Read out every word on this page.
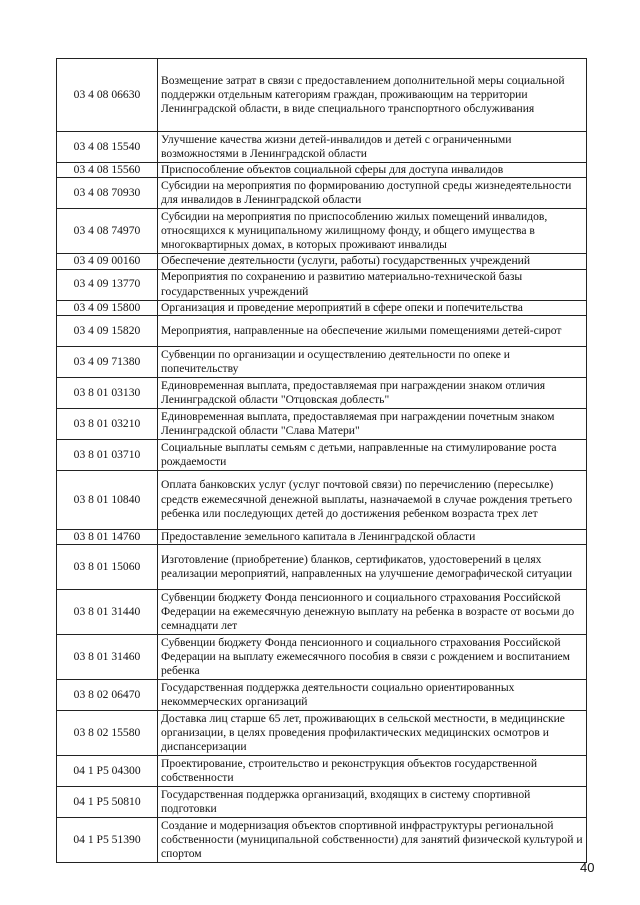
03 4 08 06630	Возмещение затрат в связи с предоставлением дополнительной меры социальной поддержки отдельным категориям граждан, проживающим на территории Ленинградской области, в виде специального транспортного обслуживания
03 4 08 15540	Улучшение качества жизни детей-инвалидов и детей с ограниченными возможностями в Ленинградской области
03 4 08 15560	Приспособление объектов социальной сферы для доступа инвалидов
03 4 08 70930	Субсидии на мероприятия по формированию доступной среды жизнедеятельности для инвалидов в Ленинградской области
03 4 08 74970	Субсидии на мероприятия по приспособлению жилых помещений инвалидов, относящихся к муниципальному жилищному фонду, и общего имущества в многоквартирных домах, в которых проживают инвалиды
03 4 09 00160	Обеспечение деятельности (услуги, работы) государственных учреждений
03 4 09 13770	Мероприятия по сохранению и развитию материально-технической базы государственных учреждений
03 4 09 15800	Организация и проведение мероприятий в сфере опеки и попечительства
03 4 09 15820	Мероприятия, направленные на обеспечение жилыми помещениями детей-сирот
03 4 09 71380	Субвенции по организации и осуществлению деятельности по опеке и попечительству
03 8 01 03130	Единовременная выплата, предоставляемая при награждении знаком отличия Ленинградской области "Отцовская доблесть"
03 8 01 03210	Единовременная выплата, предоставляемая при награждении почетным знаком Ленинградской области "Слава Матери"
03 8 01 03710	Социальные выплаты семьям с детьми, направленные на стимулирование роста рождаемости
03 8 01 10840	Оплата банковских услуг (услуг почтовой связи) по перечислению (пересылке) средств ежемесячной денежной выплаты, назначаемой в случае рождения третьего ребенка или последующих детей до достижения ребенком возраста трех лет
03 8 01 14760	Предоставление земельного капитала в Ленинградской области
03 8 01 15060	Изготовление (приобретение) бланков, сертификатов, удостоверений в целях реализации мероприятий, направленных на улучшение демографической ситуации
03 8 01 31440	Субвенции бюджету Фонда пенсионного и социального страхования Российской Федерации на ежемесячную денежную выплату на ребенка в возрасте от восьми до семнадцати лет
03 8 01 31460	Субвенции бюджету Фонда пенсионного и социального страхования Российской Федерации на выплату ежемесячного пособия в связи с рождением и воспитанием ребенка
03 8 02 06470	Государственная поддержка деятельности социально ориентированных некоммерческих организаций
03 8 02 15580	Доставка лиц старше 65 лет, проживающих в сельской местности, в медицинские организации, в целях проведения профилактических медицинских осмотров и диспансеризации
04 1 P5 04300	Проектирование, строительство и реконструкция объектов государственной собственности
04 1 P5 50810	Государственная поддержка организаций, входящих в систему спортивной подготовки
04 1 P5 51390	Создание и модернизация объектов спортивной инфраструктуры региональной собственности (муниципальной собственности) для занятий физической культурой и спортом
40
